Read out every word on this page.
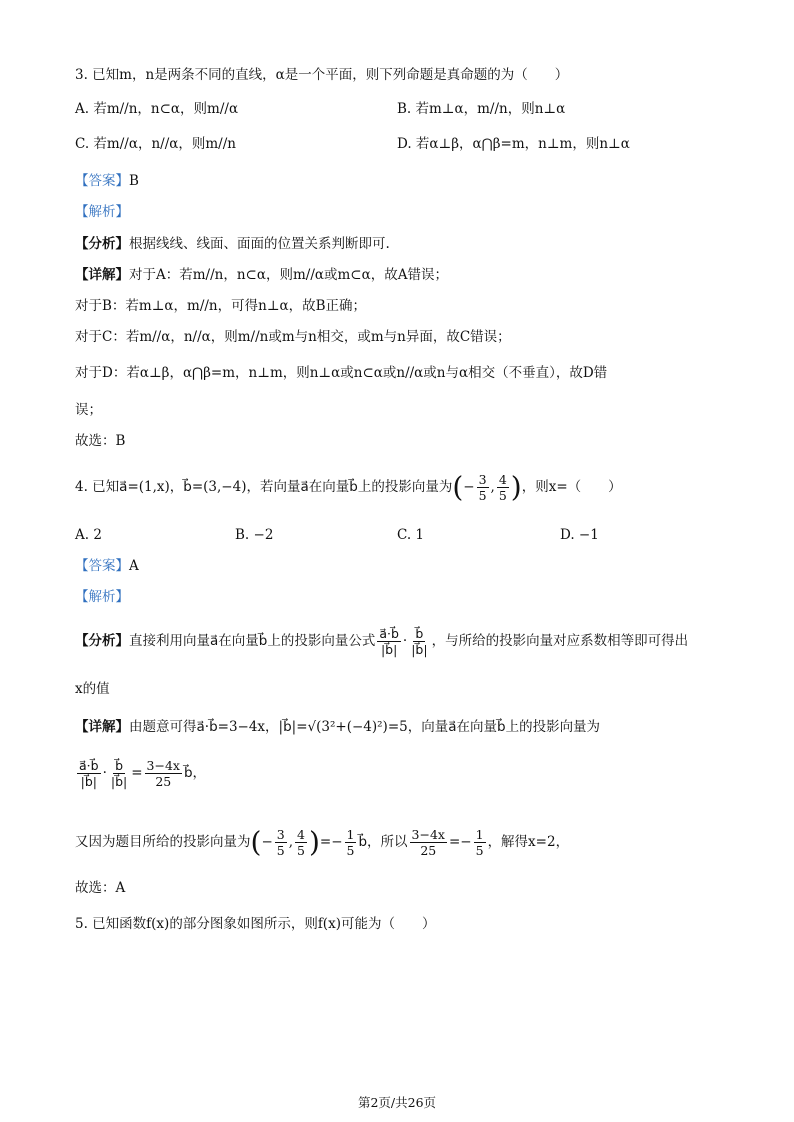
3. 已知m，n是两条不同的直线，α是一个平面，则下列命题是真命题的为（　　）
A. 若m//n，n⊂α，则m//α	B. 若m⊥α，m//n，则n⊥α
C. 若m//α，n//α，则m//n	D. 若α⊥β，α⋂β=m，n⊥m，则n⊥α
【答案】B
【解析】
【分析】根据线线、线面、面面的位置关系判断即可.
【详解】对于A：若m//n，n⊂α，则m//α或m⊂α，故A错误；
对于B：若m⊥α，m//n，可得n⊥α，故B正确；
对于C：若m//α，n//α，则m//n或m与n相交，或m与n异面，故C错误；
对于D：若α⊥β，α⋂β=m，n⊥m，则n⊥α或n⊂α或n//α或n与α相交（不垂直），故D错
误；
故选：B
4. 已知a⃗=(1,x)，b⃗=(3,−4)，若向量a⃗在向量b⃗上的投影向量为(− $\frac{3}{5}$ , $\frac{4}{5}$ )，则x=（　　）
A. 2	B. −2	C. 1	D. −1
【答案】A
【解析】
【分析】直接利用向量a⃗在向量b⃗上的投影向量公式 $\frac{a⃗\cdot b⃗}{|b⃗|} \cdot \frac{b⃗}{|b⃗|}$ ，与所给的投影向量对应系数相等即可得出
x的值
【详解】由题意可得a⃗·b⃗=3−4x，|b⃗|=√(3²+(−4)²)=5，向量a⃗在向量b⃗上的投影向量为
$\frac{a⃗\cdot b⃗}{|b⃗|} \cdot \frac{b⃗}{|b⃗|} = \frac{3-4x}{25}$ b⃗，
又因为题目所给的投影向量为(− $\frac{3}{5}$ , $\frac{4}{5}$ )=− $\frac{1}{5}$ b⃗，所以 $\frac{3-4x}{25} =- \frac{1}{5}$ ，解得x=2，
故选：A
5. 已知函数f(x)的部分图象如图所示，则f(x)可能为（　　）
第2页/共26页
